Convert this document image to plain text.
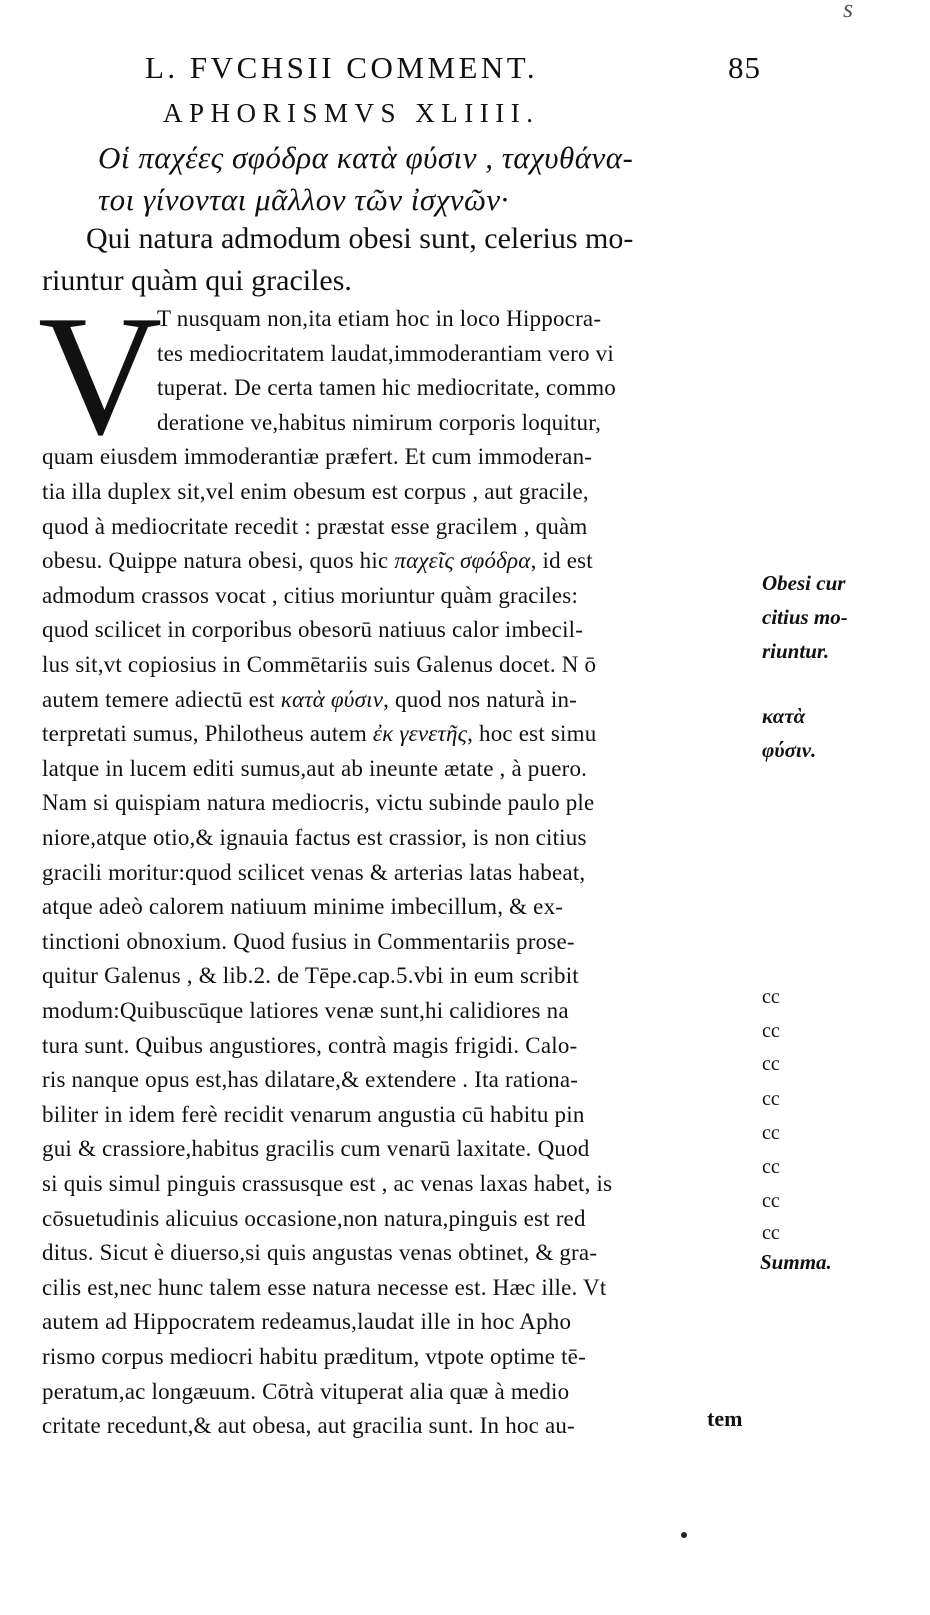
s
L. FVCHSII COMMENT.	85
APHORISMVS XLIIII.
Οἱ παχέες σφόδρα κατὰ φύσιν , ταχυθάνα-
τοι γίνονται μᾶλλον τῶν ἰσχνῶν·
Qui natura admodum obesi sunt, celerius mo-
riuntur quàm qui graciles.
V
T nusquam non,ita etiam hoc in loco Hippocra-
tes mediocritatem laudat,immoderantiam vero vi
tuperat. De certa tamen hic mediocritate, commo
deratione ve,habitus nimirum corporis loquitur,
quam eiusdem immoderantiæ præfert. Et cum immoderan-
tia illa duplex sit,vel enim obesum est corpus , aut gracile,
quod à mediocritate recedit : præstat esse gracilem , quàm
obesu. Quippe natura obesi, quos hic παχεῖς σφόδρα, id est
admodum crassos vocat , citius moriuntur quàm graciles:
quod scilicet in corporibus obesorū natiuus calor imbecil-
lus sit,vt copiosius in Commētariis suis Galenus docet. N ō
autem temere adiectū est κατὰ φύσιν, quod nos naturà in-
terpretati sumus, Philotheus autem ἐκ γενετῆς, hoc est simu
latque in lucem editi sumus,aut ab ineunte ætate , à puero.
Nam si quispiam natura mediocris, victu subinde paulo ple
niore,atque otio,& ignauia factus est crassior, is non citius
gracili moritur:quod scilicet venas & arterias latas habeat,
atque adeò calorem natiuum minime imbecillum, & ex-
tinctioni obnoxium. Quod fusius in Commentariis prose-
quitur Galenus , & lib.2. de Tēpe.cap.5.vbi in eum scribit
modum:Quibuscūque latiores venæ sunt,hi calidiores na
tura sunt. Quibus angustiores, contrà magis frigidi. Calo-
ris nanque opus est,has dilatare,& extendere . Ita rationa-
biliter in idem ferè recidit venarum angustia cū habitu pin
gui & crassiore,habitus gracilis cum venarū laxitate. Quod
si quis simul pinguis crassusque est , ac venas laxas habet, is
cōsuetudinis alicuius occasione,non natura,pinguis est red
ditus. Sicut è diuerso,si quis angustas venas obtinet, & gra-
cilis est,nec hunc talem esse natura necesse est. Hæc ille. Vt
autem ad Hippocratem redeamus,laudat ille in hoc Apho
rismo corpus mediocri habitu præditum, vtpote optime tē-
peratum,ac longæuum. Cōtrà vituperat alia quæ à medio
critate recedunt,& aut obesa, aut gracilia sunt. In hoc au-
Obesi cur
citius mo-
riuntur.
κατὰ
φύσιν.
Summa.
cc
cc
cc
cc
cc
cc
cc
cc
tem
